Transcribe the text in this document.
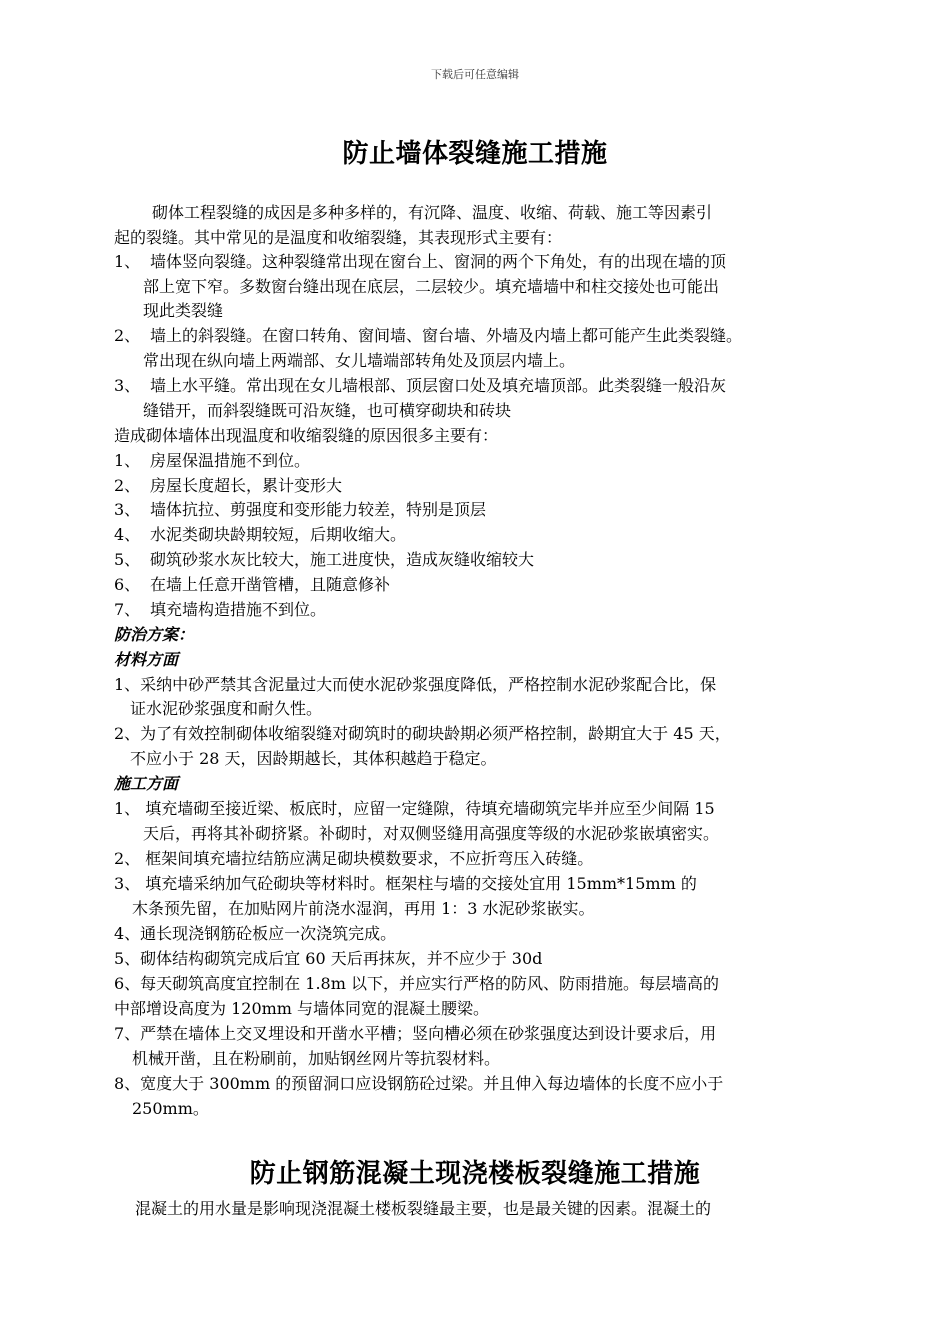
下载后可任意编辑
防止墙体裂缝施工措施
砌体工程裂缝的成因是多种多样的，有沉降、温度、收缩、荷载、施工等因素引
起的裂缝。其中常见的是温度和收缩裂缝，其表现形式主要有：
1、 墙体竖向裂缝。这种裂缝常出现在窗台上、窗洞的两个下角处，有的出现在墙的顶
部上宽下窄。多数窗台缝出现在底层，二层较少。填充墙墙中和柱交接处也可能出
现此类裂缝
2、 墙上的斜裂缝。在窗口转角、窗间墙、窗台墙、外墙及内墙上都可能产生此类裂缝。
常出现在纵向墙上两端部、女儿墙端部转角处及顶层内墙上。
3、 墙上水平缝。常出现在女儿墙根部、顶层窗口处及填充墙顶部。此类裂缝一般沿灰
缝错开，而斜裂缝既可沿灰缝，也可横穿砌块和砖块
造成砌体墙体出现温度和收缩裂缝的原因很多主要有：
1、 房屋保温措施不到位。
2、 房屋长度超长，累计变形大
3、 墙体抗拉、剪强度和变形能力较差，特别是顶层
4、 水泥类砌块龄期较短，后期收缩大。
5、 砌筑砂浆水灰比较大，施工进度快，造成灰缝收缩较大
6、 在墙上任意开凿管槽，且随意修补
7、 填充墙构造措施不到位。
防治方案：
材料方面
1、采纳中砂严禁其含泥量过大而使水泥砂浆强度降低，严格控制水泥砂浆配合比，保
证水泥砂浆强度和耐久性。
2、为了有效控制砌体收缩裂缝对砌筑时的砌块龄期必须严格控制，龄期宜大于 45 天，
不应小于 28 天，因龄期越长，其体积越趋于稳定。
施工方面
1、 填充墙砌至接近梁、板底时，应留一定缝隙，待填充墙砌筑完毕并应至少间隔 15
天后，再将其补砌挤紧。补砌时，对双侧竖缝用高强度等级的水泥砂浆嵌填密实。
2、 框架间填充墙拉结筋应满足砌块模数要求，不应折弯压入砖缝。
3、 填充墙采纳加气砼砌块等材料时。框架柱与墙的交接处宜用 15mm*15mm 的
木条预先留，在加贴网片前浇水湿润，再用 1：3 水泥砂浆嵌实。
4、通长现浇钢筋砼板应一次浇筑完成。
5、砌体结构砌筑完成后宜 60 天后再抹灰，并不应少于 30d
6、每天砌筑高度宜控制在 1.8m 以下，并应实行严格的防风、防雨措施。每层墙高的
中部增设高度为 120mm 与墙体同宽的混凝土腰梁。
7、严禁在墙体上交叉埋设和开凿水平槽；竖向槽必须在砂浆强度达到设计要求后，用
机械开凿，且在粉刷前，加贴钢丝网片等抗裂材料。
8、宽度大于 300mm 的预留洞口应设钢筋砼过梁。并且伸入每边墙体的长度不应小于
250mm。
防止钢筋混凝土现浇楼板裂缝施工措施
混凝土的用水量是影响现浇混凝土楼板裂缝最主要，也是最关键的因素。混凝土的
